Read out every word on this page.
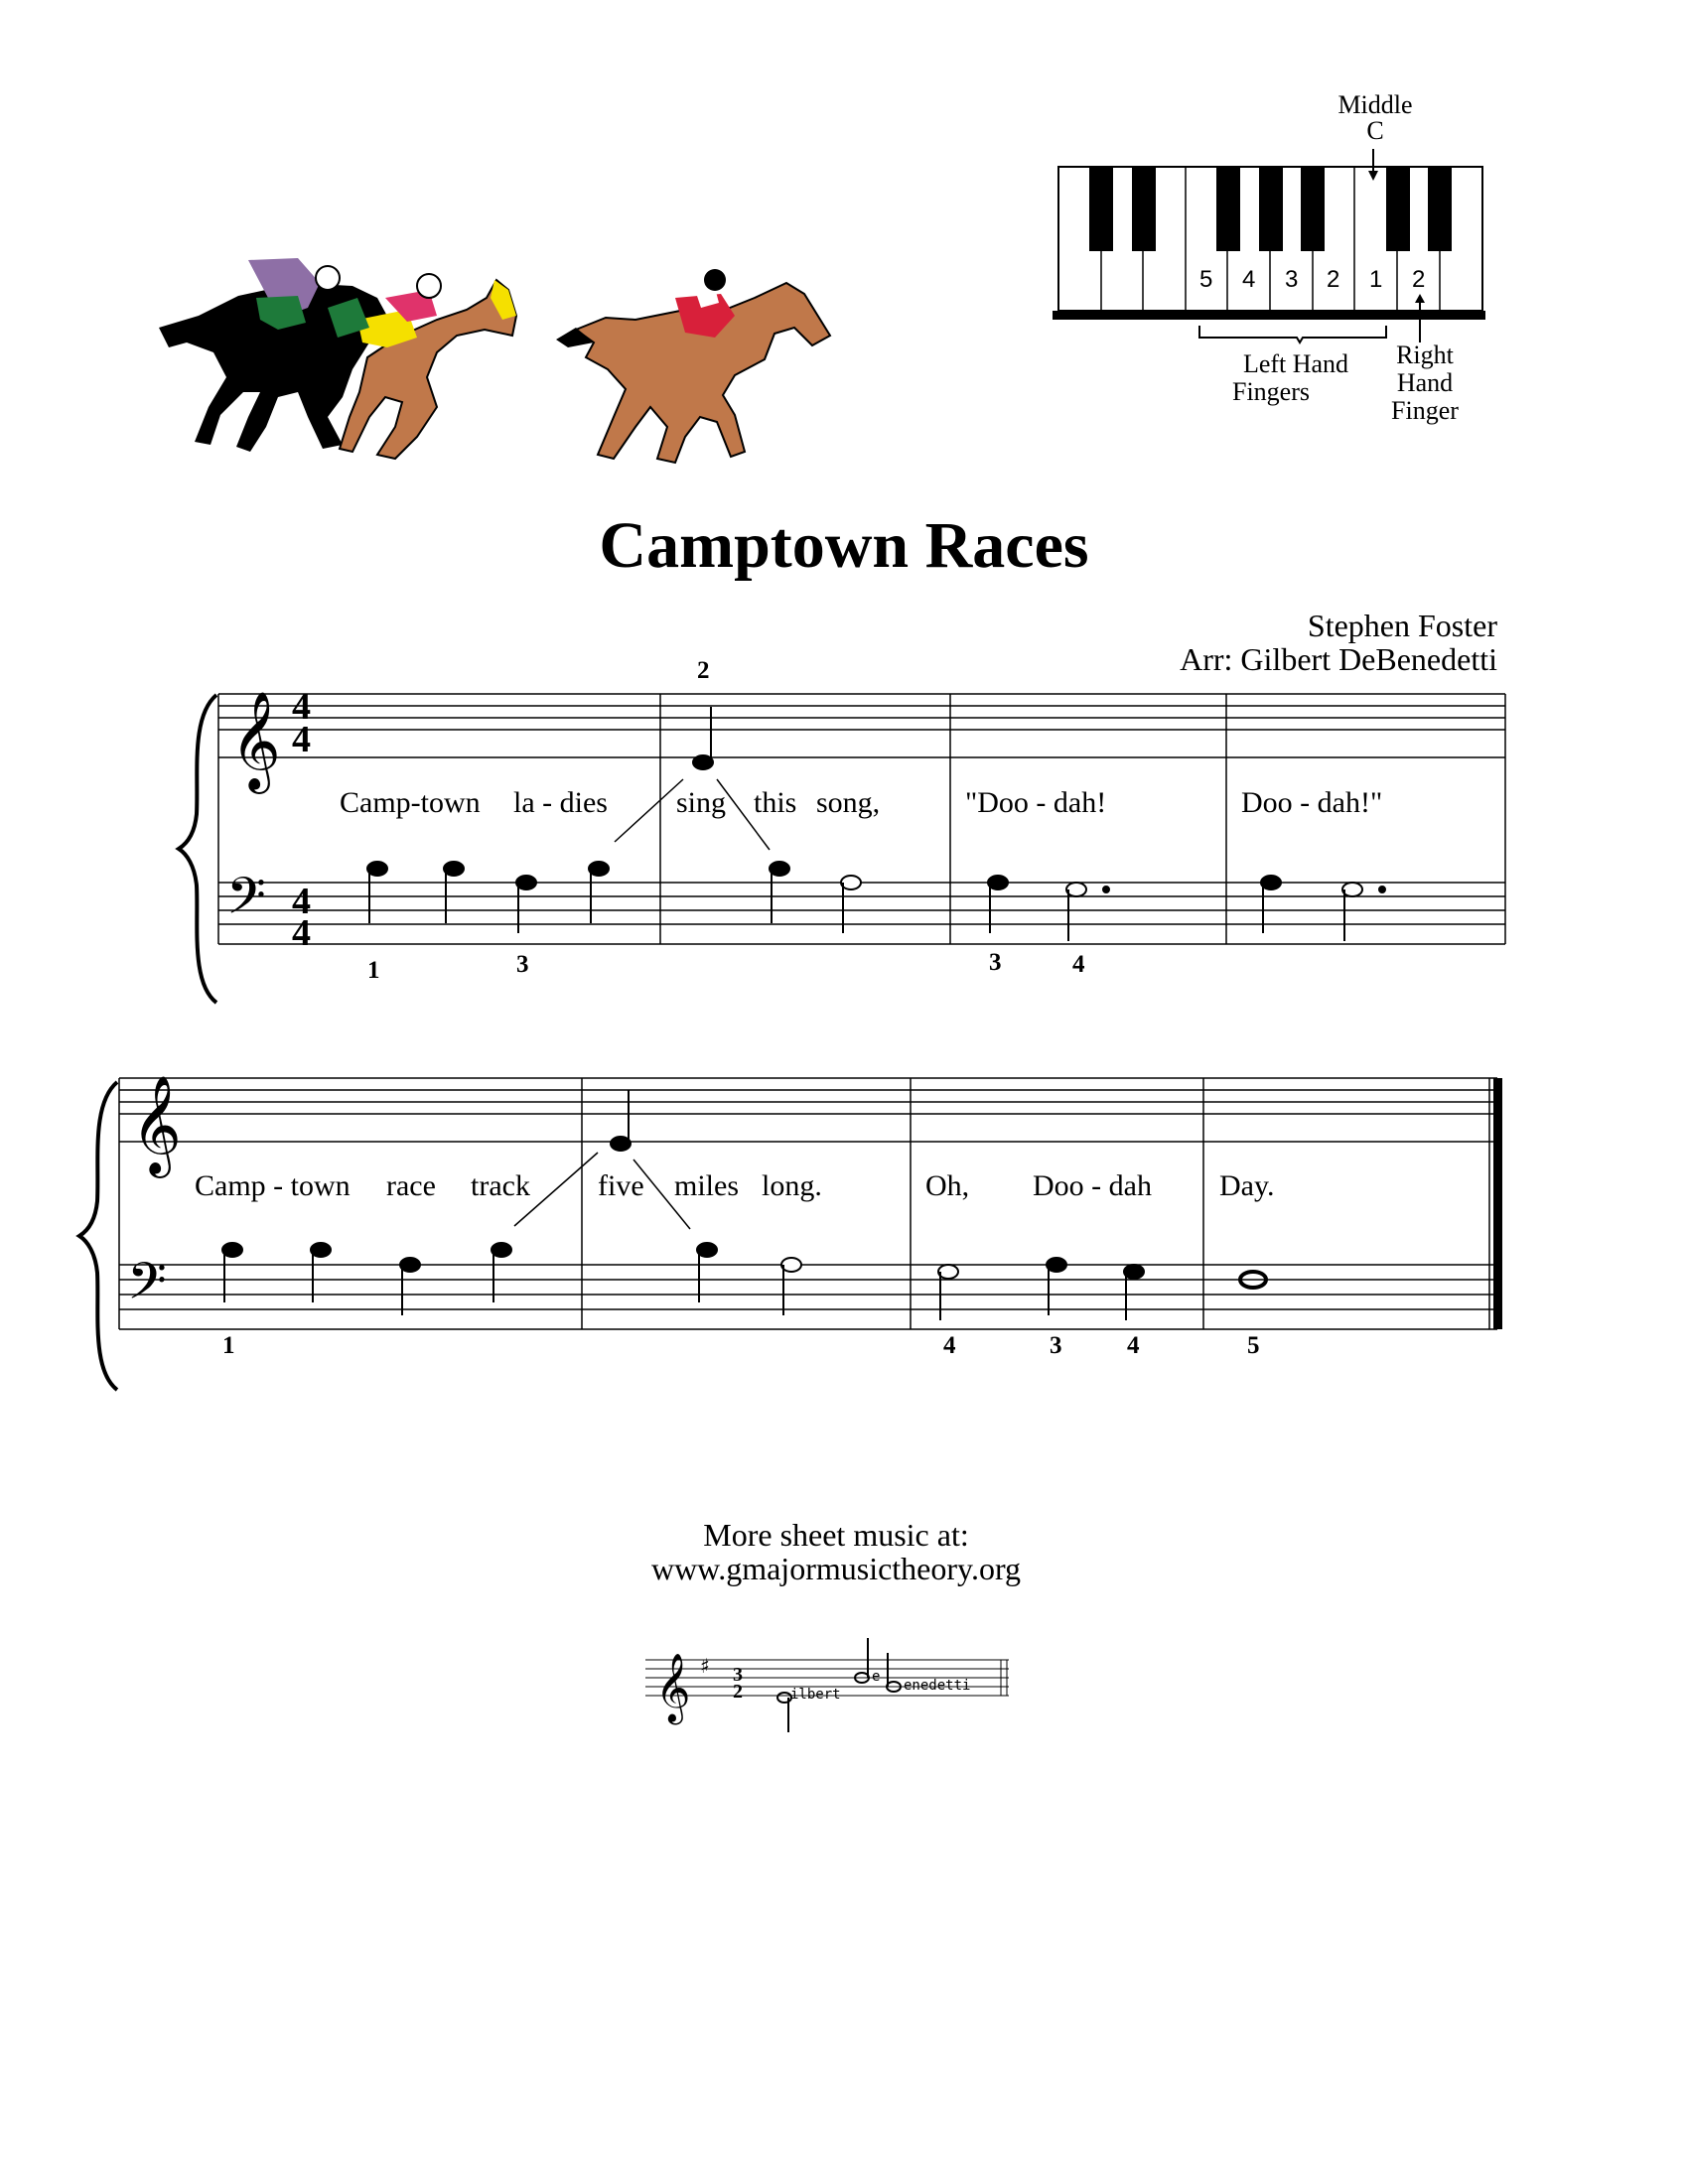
𝄞
𝄢
4
4
4
4
𝄞
𝄢
𝄞 ♯ 3
2
Middle
C
5 4 3 2 1 2
Left Hand
Fingers
Right
Hand
Finger
Camptown Races
Stephen Foster
Arr: Gilbert DeBenedetti
Camp-town la - dies sing this song,	"Doo - dah!	Doo - dah!"
2
1	3	3	4
Camp - town race track five miles long.	Oh, Doo - dah Day.
1	4	3	4	5
More sheet music at:
www.gmajormusictheory.org
ilbert
e
enedetti
